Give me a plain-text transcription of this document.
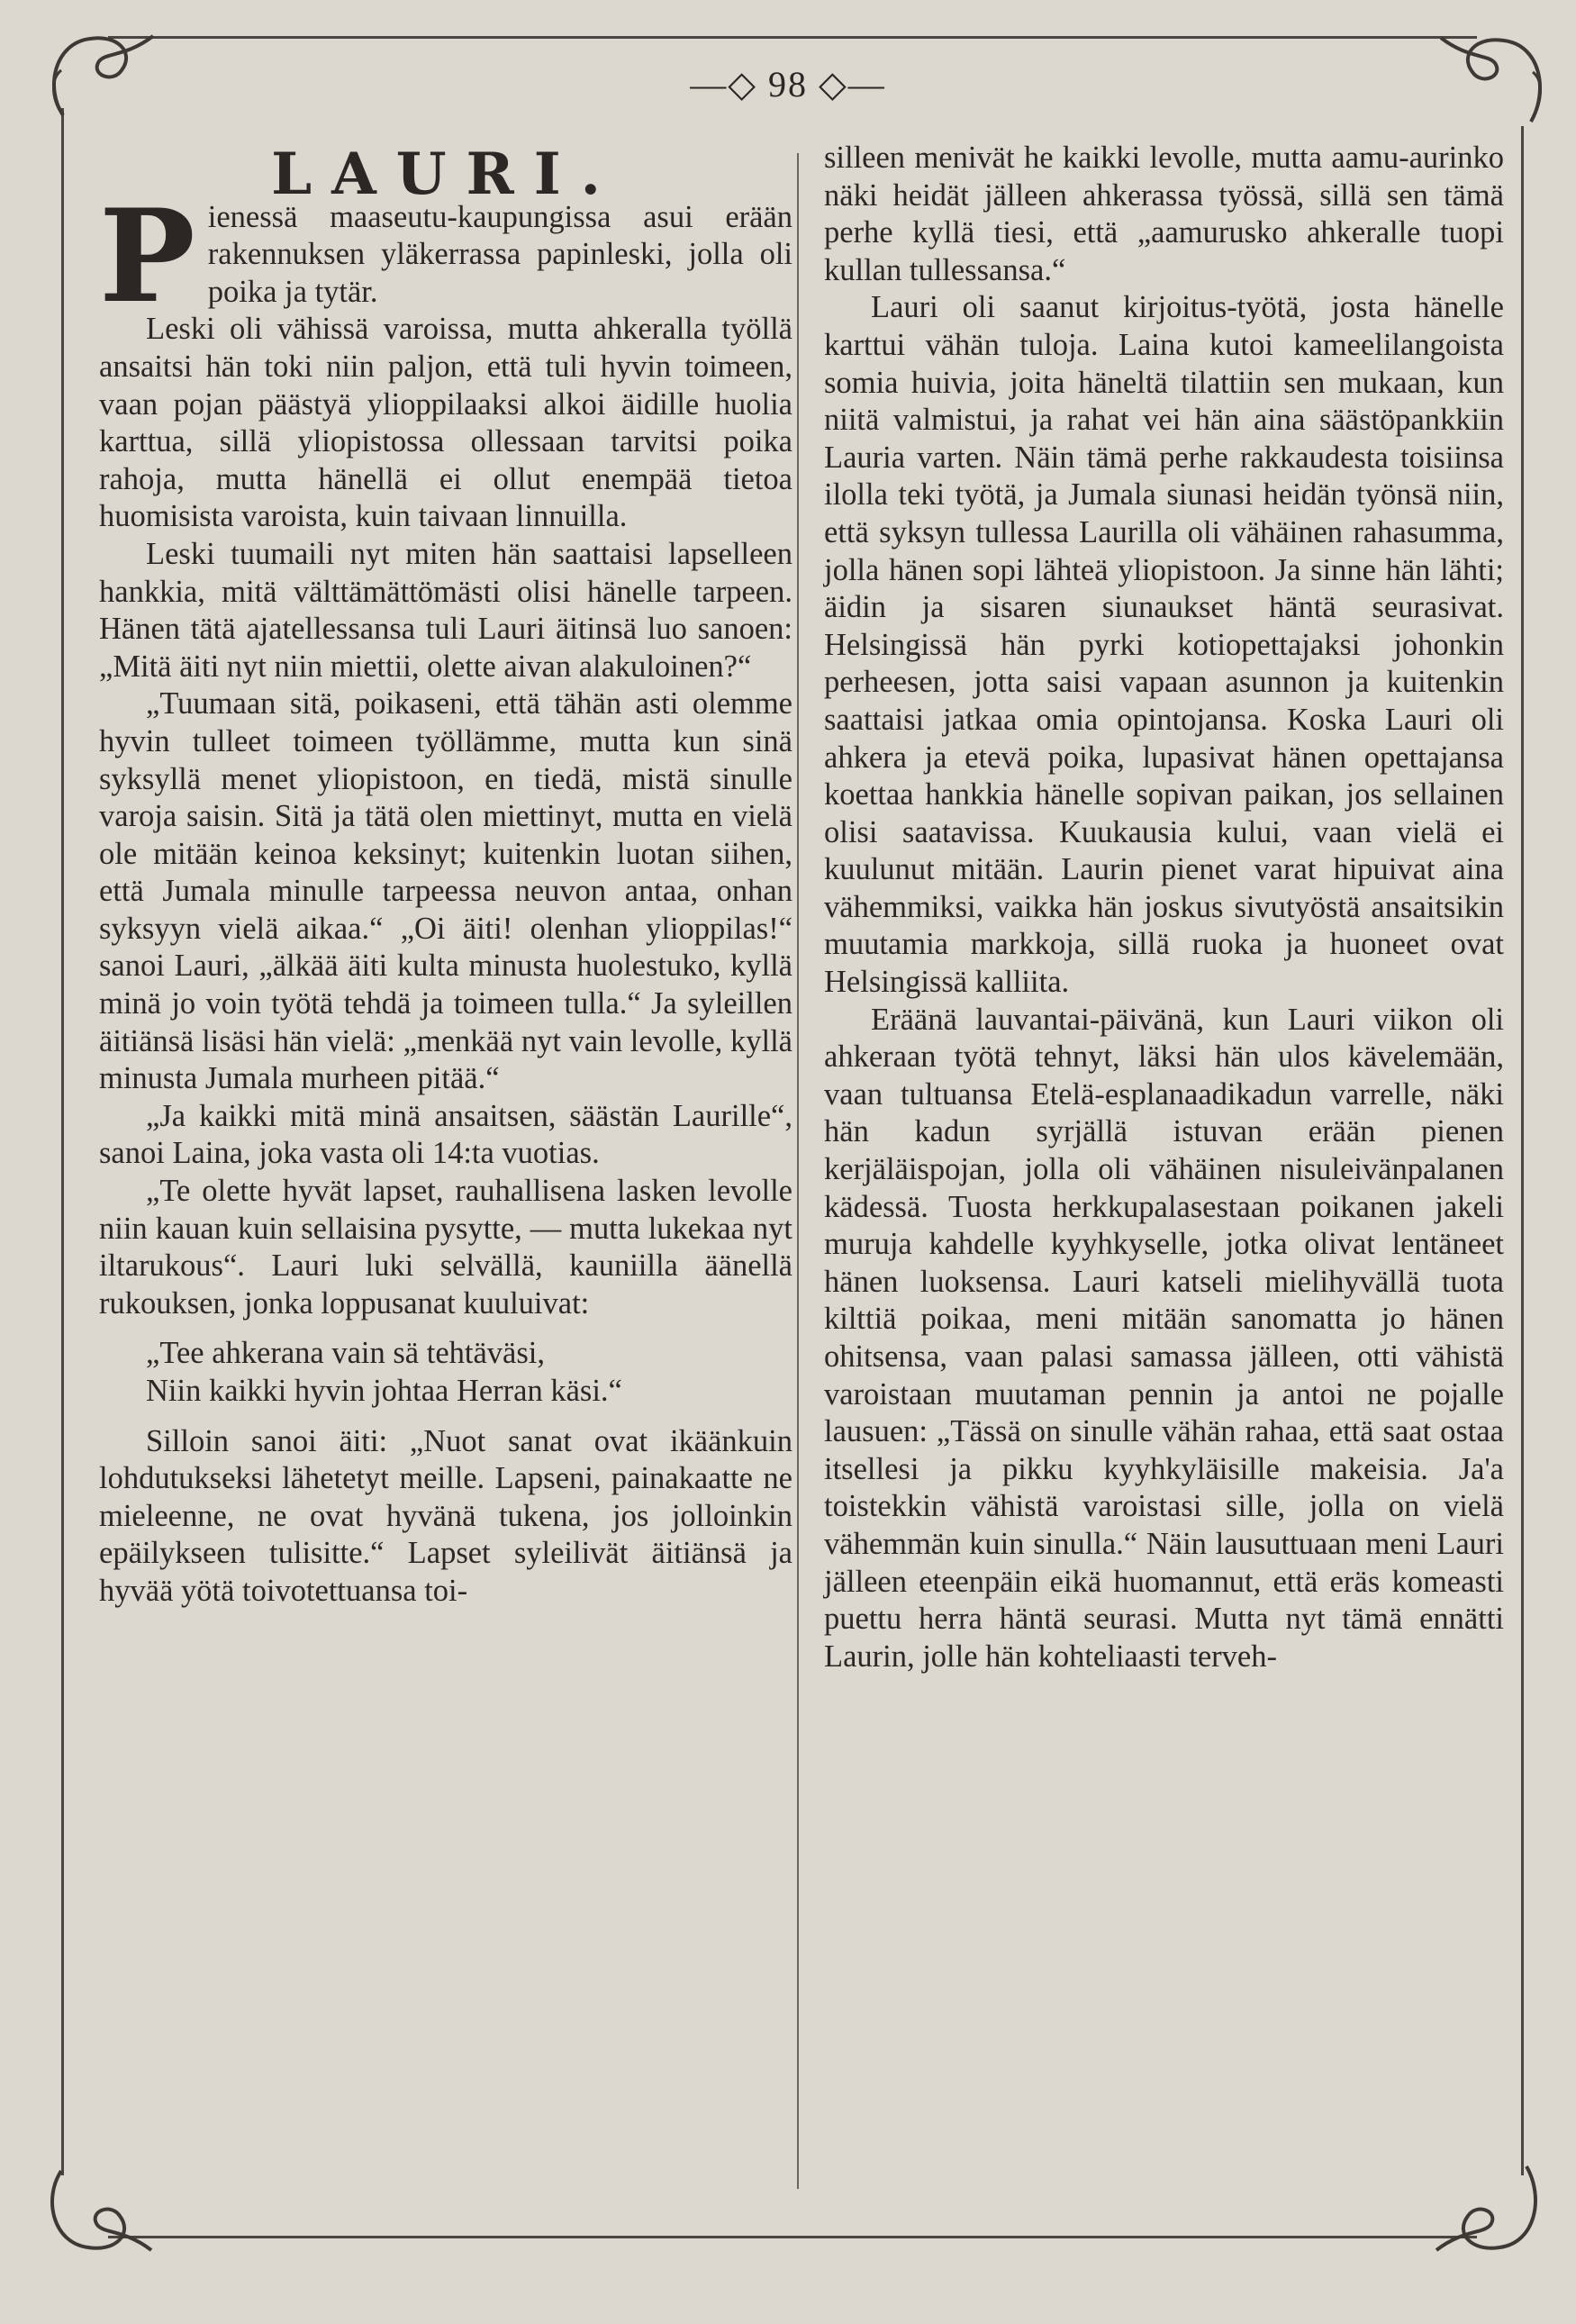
—◇ 98 ◇—
LAURI.

Pienessä maaseutu-kaupungissa asui erään rakennuksen yläkerrassa papinleski, jolla oli poika ja tytär.

Leski oli vähissä varoissa, mutta ahkeralla työllä ansaitsi hän toki niin paljon, että tuli hyvin toimeen, vaan pojan päästyä ylioppilaaksi alkoi äidille huolia karttua, sillä yliopistossa ollessaan tarvitsi poika rahoja, mutta hänellä ei ollut enempää tietoa huomisista varoista, kuin taivaan linnuilla.

Leski tuumaili nyt miten hän saattaisi lapselleen hankkia, mitä välttämättömästi olisi hänelle tarpeen. Hänen tätä ajatellessansa tuli Lauri äitinsä luo sanoen: „Mitä äiti nyt niin miettii, olette aivan alakuloinen?“

„Tuumaan sitä, poikaseni, että tähän asti olemme hyvin tulleet toimeen työllämme, mutta kun sinä syksyllä menet yliopistoon, en tiedä, mistä sinulle varoja saisin. Sitä ja tätä olen miettinyt, mutta en vielä ole mitään keinoa keksinyt; kuitenkin luotan siihen, että Jumala minulle tarpeessa neuvon antaa, onhan syksyyn vielä aikaa.“ „Oi äiti! olenhan ylioppilas!“ sanoi Lauri, „älkää äiti kulta minusta huolestuko, kyllä minä jo voin työtä tehdä ja toimeen tulla.“ Ja syleillen äitiänsä lisäsi hän vielä: „menkää nyt vain levolle, kyllä minusta Jumala murheen pitää.“

„Ja kaikki mitä minä ansaitsen, säästän Laurille“, sanoi Laina, joka vasta oli 14:ta vuotias.

„Te olette hyvät lapset, rauhallisena lasken levolle niin kauan kuin sellaisina pysytte, — mutta lukekaa nyt iltarukous“. Lauri luki selvällä, kauniilla äänellä rukouksen, jonka loppusanat kuuluivat:

„Tee ahkerana vain sä tehtäväsi,
Niin kaikki hyvin johtaa Herran käsi.“

Silloin sanoi äiti: „Nuot sanat ovat ikäänkuin lohdutukseksi lähetetyt meille. Lapseni, painakaatte ne mieleenne, ne ovat hyvänä tukena, jos jolloinkin epäilykseen tulisitte.“ Lapset syleilivät äitiänsä ja hyvää yötä toivotettuansa toi-

silleen menivät he kaikki levolle, mutta aamu-aurinko näki heidät jälleen ahkerassa työssä, sillä sen tämä perhe kyllä tiesi, että „aamurusko ahkeralle tuopi kullan tullessansa.“

Lauri oli saanut kirjoitus-työtä, josta hänelle karttui vähän tuloja. Laina kutoi kameelilangoista somia huivia, joita häneltä tilattiin sen mukaan, kun niitä valmistui, ja rahat vei hän aina säästöpankkiin Lauria varten. Näin tämä perhe rakkaudesta toisiinsa ilolla teki työtä, ja Jumala siunasi heidän työnsä niin, että syksyn tullessa Laurilla oli vähäinen rahasumma, jolla hänen sopi lähteä yliopistoon. Ja sinne hän lähti; äidin ja sisaren siunaukset häntä seurasivat. Helsingissä hän pyrki kotiopettajaksi johonkin perheesen, jotta saisi vapaan asunnon ja kuitenkin saattaisi jatkaa omia opintojansa. Koska Lauri oli ahkera ja etevä poika, lupasivat hänen opettajansa koettaa hankkia hänelle sopivan paikan, jos sellainen olisi saatavissa. Kuukausia kului, vaan vielä ei kuulunut mitään. Laurin pienet varat hipuivat aina vähemmiksi, vaikka hän joskus sivutyöstä ansaitsikin muutamia markkoja, sillä ruoka ja huoneet ovat Helsingissä kalliita.

Eräänä lauvantai-päivänä, kun Lauri viikon oli ahkeraan työtä tehnyt, läksi hän ulos kävelemään, vaan tultuansa Etelä-esplanaadikadun varrelle, näki hän kadun syrjällä istuvan erään pienen kerjäläispojan, jolla oli vähäinen nisuleivänpalanen kädessä. Tuosta herkkupalasestaan poikanen jakeli muruja kahdelle kyyhkyselle, jotka olivat lentäneet hänen luoksensa. Lauri katseli mielihyvällä tuota kilttiä poikaa, meni mitään sanomatta jo hänen ohitsensa, vaan palasi samassa jälleen, otti vähistä varoistaan muutaman pennin ja antoi ne pojalle lausuen: „Tässä on sinulle vähän rahaa, että saat ostaa itsellesi ja pikku kyyhkyläisille makeisia. Ja'a toistekkin vähistä varoistasi sille, jolla on vielä vähemmän kuin sinulla.“ Näin lausuttuaan meni Lauri jälleen eteenpäin eikä huomannut, että eräs komeasti puettu herra häntä seurasi. Mutta nyt tämä ennätti Laurin, jolle hän kohteliaasti terveh-
